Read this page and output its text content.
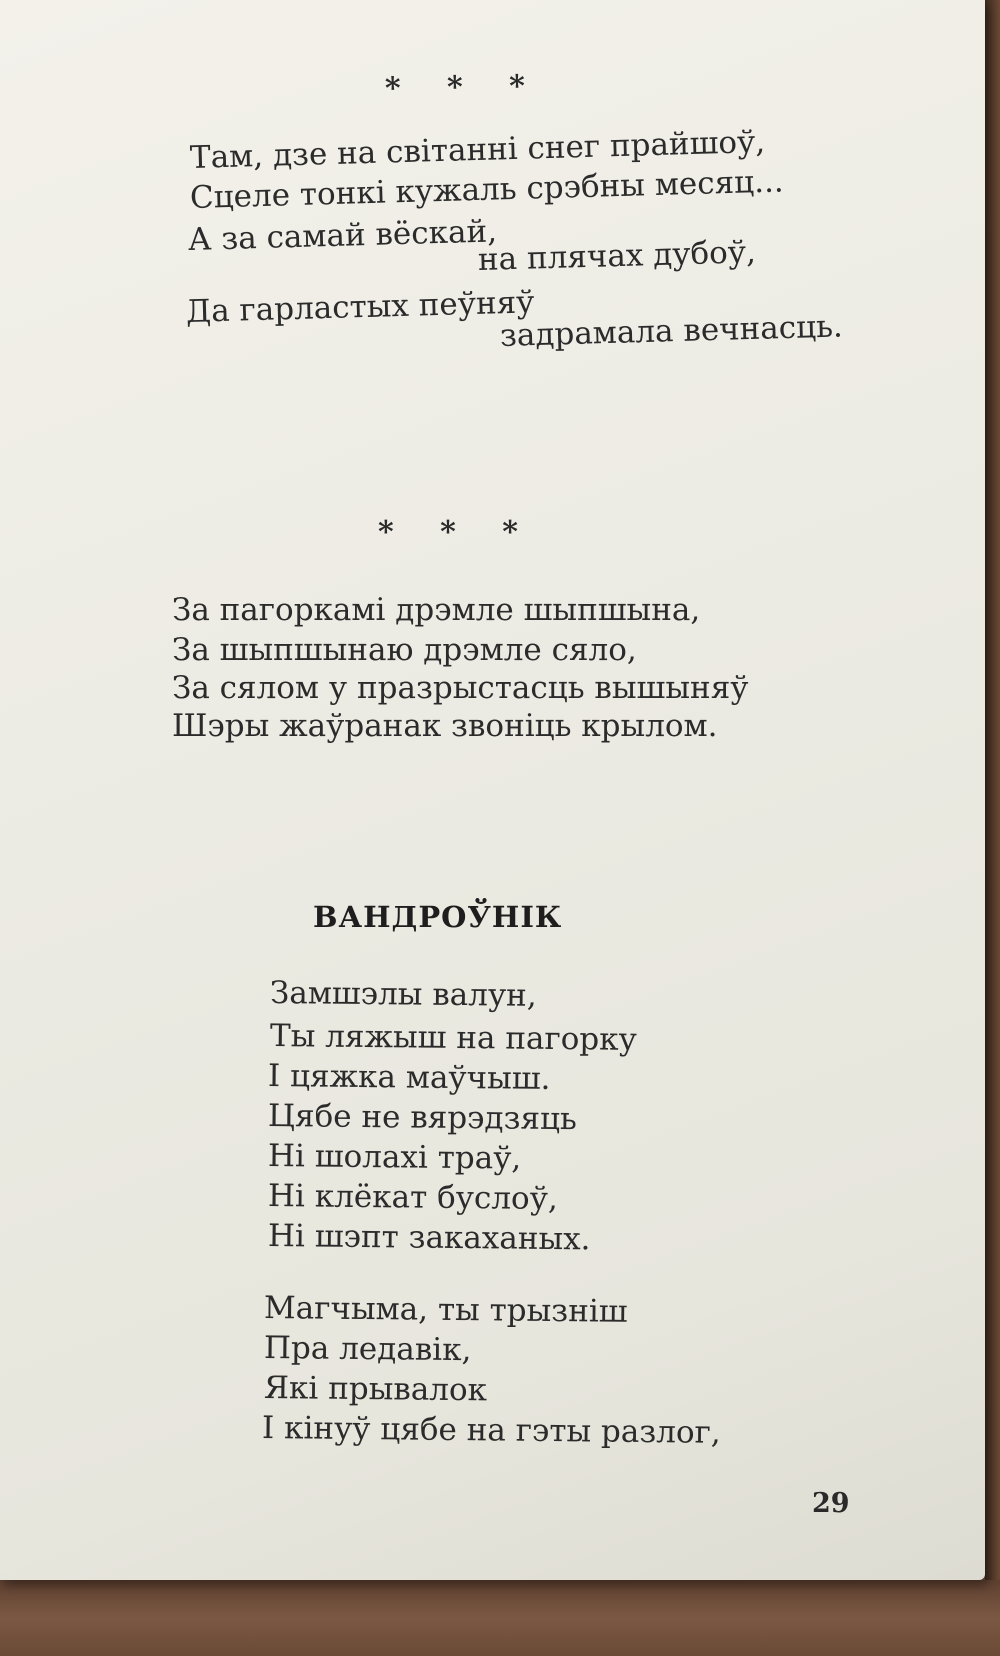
* * *
Там, дзе на світанні снег прайшоў,
Сцеле тонкі кужаль срэбны месяц...
А за самай вёскай,
на плячах дубоў,
Да гарластых пеўняў
задрамала вечнасць.
* * *
За пагоркамі дрэмле шыпшына,
За шыпшынаю дрэмле сяло,
За сялом у празрыстасць вышыняў
Шэры жаўранак звоніць крылом.
ВАНДРОЎНІК
Замшэлы валун,
Ты ляжыш на пагорку
І цяжка маўчыш.
Цябе не вярэдзяць
Ні шолахі траў,
Ні клёкат буслоў,
Ні шэпт закаханых.
Магчыма, ты трызніш
Пра ледавік,
Які прывалок
І кінуў цябе на гэты разлог,
29
